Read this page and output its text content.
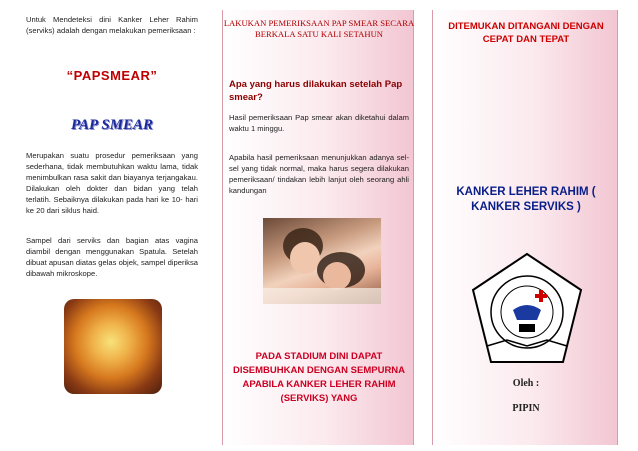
Untuk Mendeteksi dini Kanker Leher Rahim (serviks) adalah dengan melakukan pemeriksaan :
“PAPSMEAR”
PAP SMEAR
Merupakan suatu prosedur pemeriksaan yang sederhana, tidak membutuhkan waktu lama, tidak menimbulkan rasa sakit dan biayanya terjangakau. Dilakukan oleh dokter dan bidan yang telah terlatih. Sebaiknya dilakukan pada hari ke 10- hari ke 20 dari siklus haid.
Sampel dari serviks dan bagian atas vagina diambil dengan menggunakan Spatula. Setelah dibuat apusan diatas gelas objek, sampel diperiksa dibawah mikroskope.
LAKUKAN PEMERIKSAAN PAP SMEAR SECARA BERKALA SATU KALI SETAHUN
Apa yang harus dilakukan setelah Pap smear?
Hasil pemeriksaan Pap smear akan diketahui dalam waktu 1 minggu.
Apabila hasil pemeriksaan menunjukkan adanya sel-sel yang tidak normal, maka harus segera dilakukan pemeriksaan/ tindakan lebih lanjut oleh seorang ahli kandungan
PADA STADIUM DINI DAPAT DISEMBUHKAN DENGAN SEMPURNA APABILA KANKER LEHER RAHIM (SERVIKS) YANG
DITEMUKAN DITANGANI DENGAN CEPAT DAN TEPAT
KANKER LEHER RAHIM ( KANKER SERVIKS )
Oleh :
PIPIN
